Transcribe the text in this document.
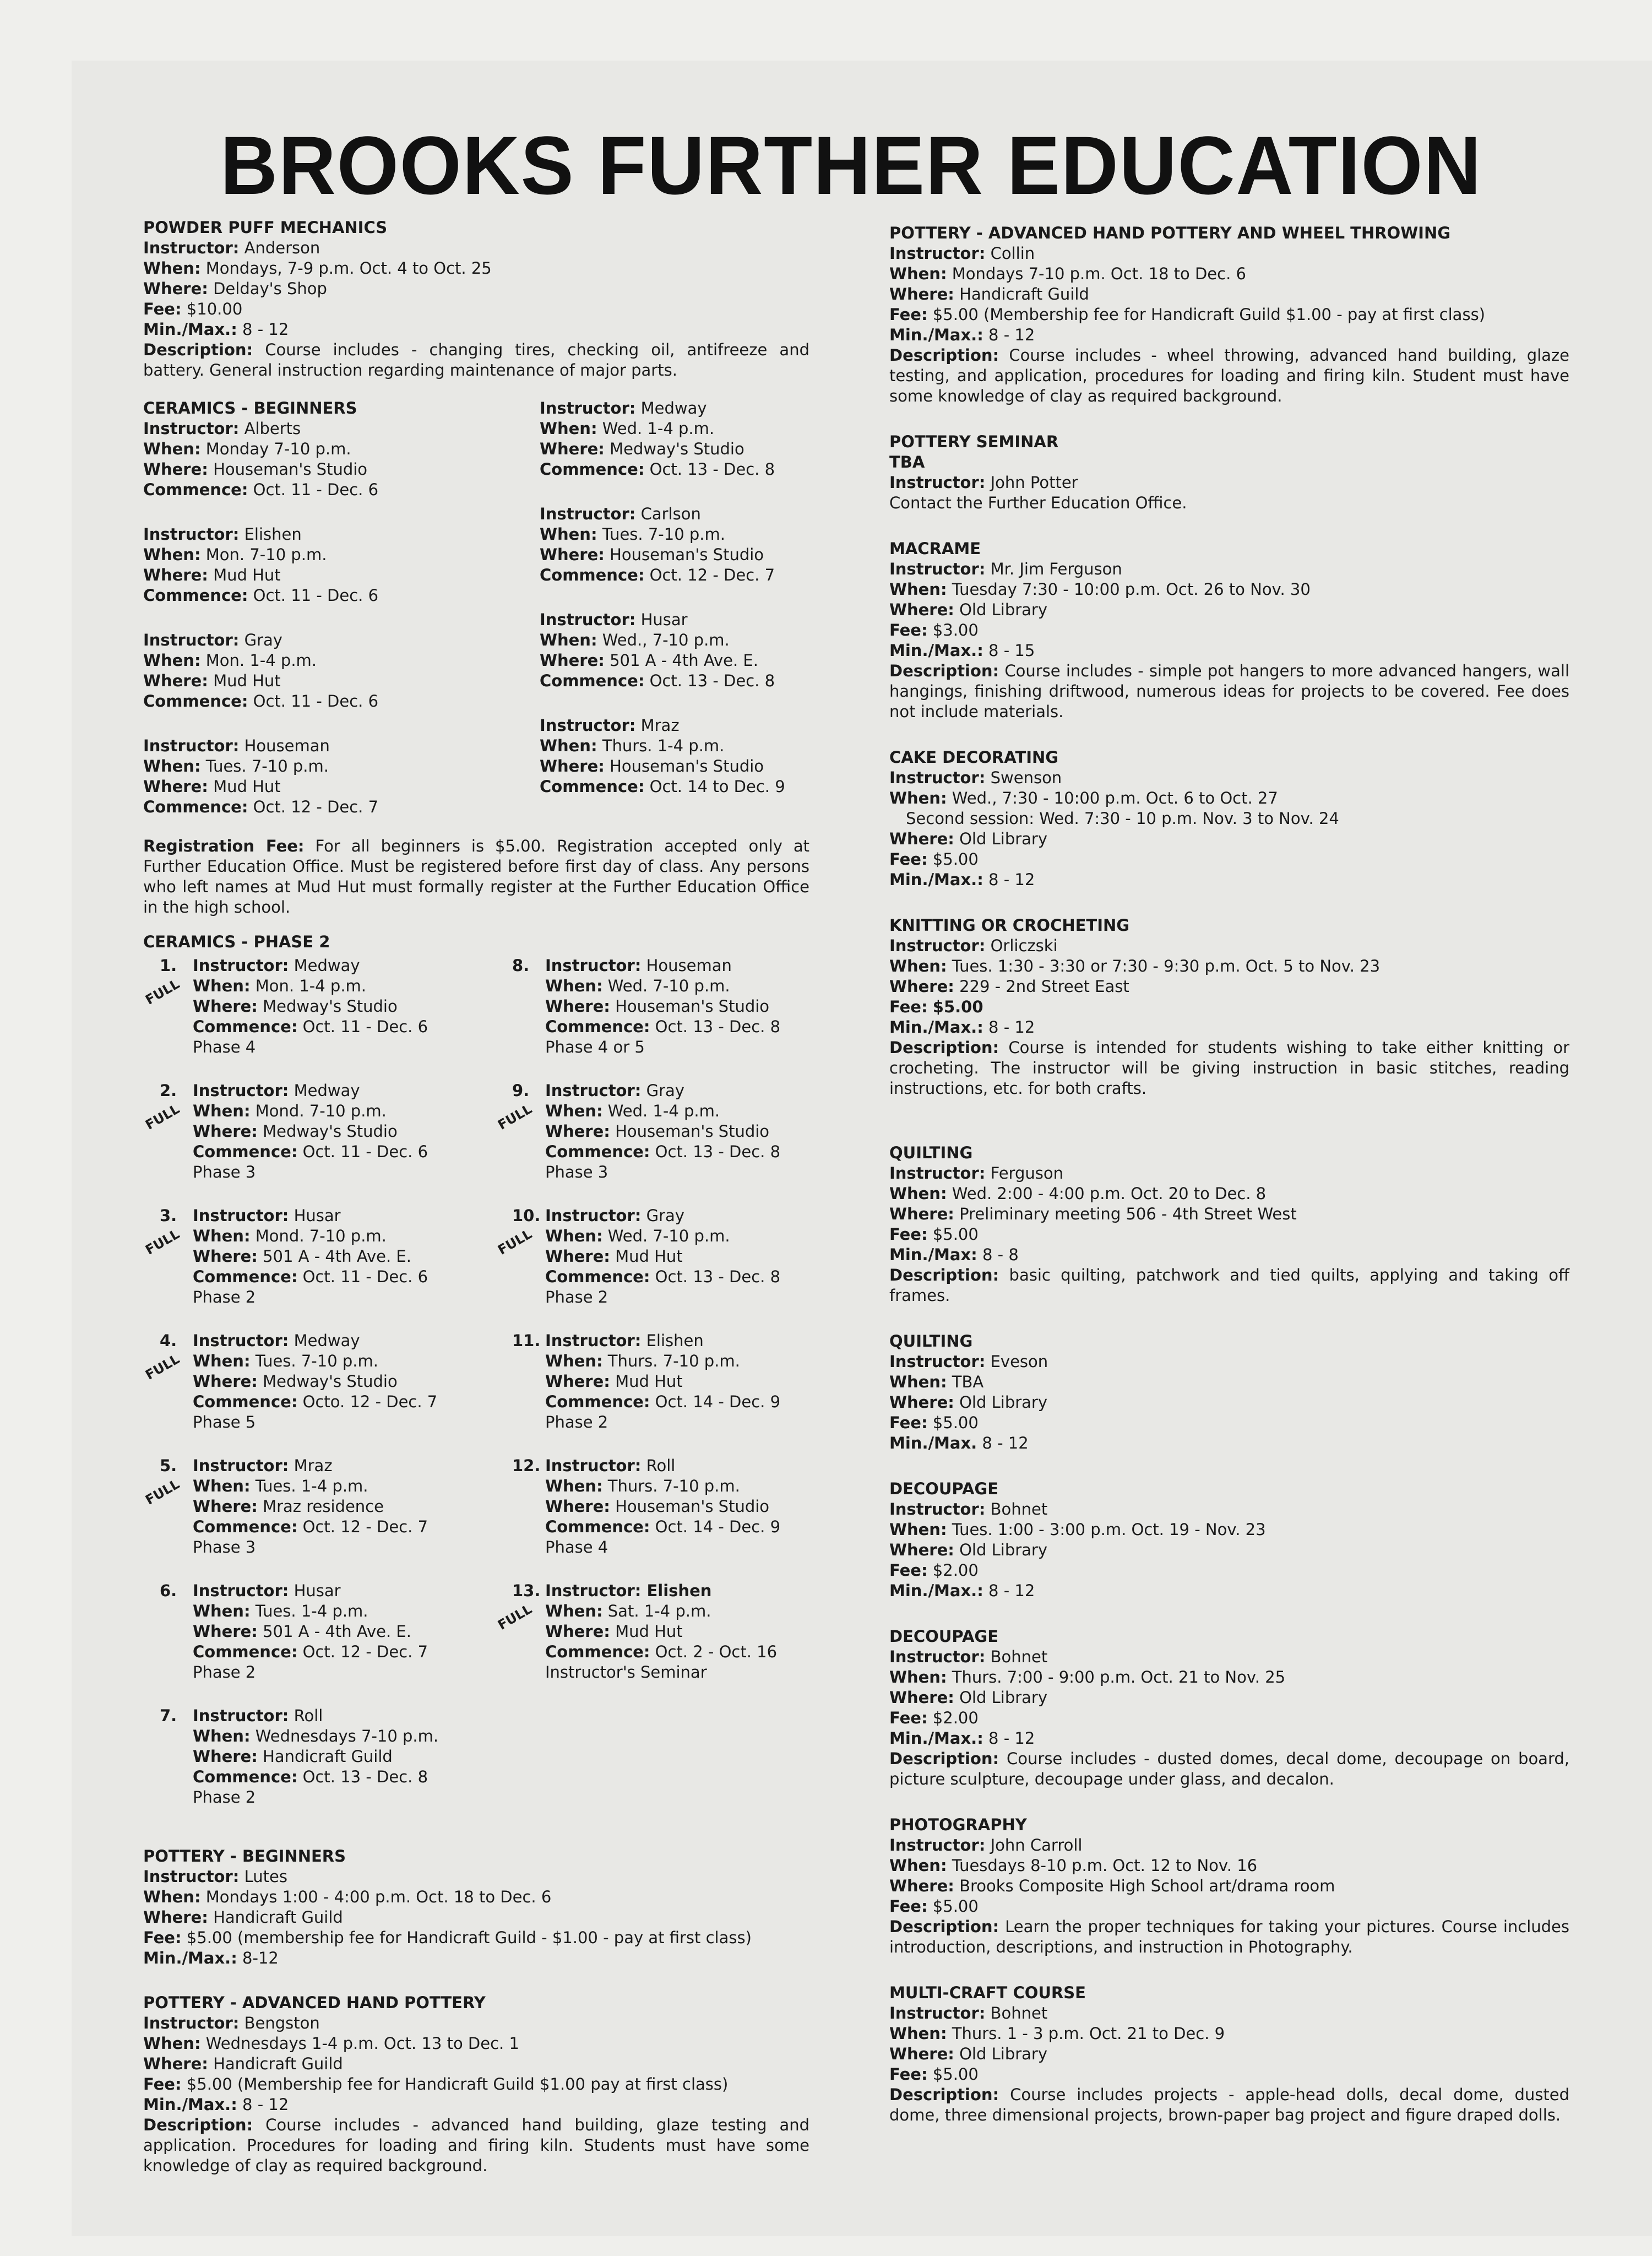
BROOKS FURTHER EDUCATION
POWDER PUFF MECHANICS
Instructor: Anderson
When: Mondays, 7-9 p.m. Oct. 4 to Oct. 25
Where: Delday's Shop
Fee: $10.00
Min./Max.: 8 - 12
Description: Course includes - changing tires, checking oil, antifreeze and battery. General instruction regarding maintenance of major parts.
CERAMICS - BEGINNERS
Instructor: Alberts
When: Monday 7-10 p.m.
Where: Houseman's Studio
Commence: Oct. 11 - Dec. 6
Instructor: Elishen
When: Mon. 7-10 p.m.
Where: Mud Hut
Commence: Oct. 11 - Dec. 6
Instructor: Gray
When: Mon. 1-4 p.m.
Where: Mud Hut
Commence: Oct. 11 - Dec. 6
Instructor: Houseman
When: Tues. 7-10 p.m.
Where: Mud Hut
Commence: Oct. 12 - Dec. 7
Instructor: Medway
When: Wed. 1-4 p.m.
Where: Medway's Studio
Commence: Oct. 13 - Dec. 8
Instructor: Carlson
When: Tues. 7-10 p.m.
Where: Houseman's Studio
Commence: Oct. 12 - Dec. 7
Instructor: Husar
When: Wed., 7-10 p.m.
Where: 501 A - 4th Ave. E.
Commence: Oct. 13 - Dec. 8
Instructor: Mraz
When: Thurs. 1-4 p.m.
Where: Houseman's Studio
Commence: Oct. 14 to Dec. 9
Registration Fee: For all beginners is $5.00. Registration accepted only at Further Education Office. Must be registered before first day of class. Any persons who left names at Mud Hut must formally register at the Further Education Office in the high school.
CERAMICS - PHASE 2
1.
FULL
Instructor: Medway
When: Mon. 1-4 p.m.
Where: Medway's Studio
Commence: Oct. 11 - Dec. 6
Phase 4
2.
FULL
Instructor: Medway
When: Mond. 7-10 p.m.
Where: Medway's Studio
Commence: Oct. 11 - Dec. 6
Phase 3
3.
FULL
Instructor: Husar
When: Mond. 7-10 p.m.
Where: 501 A - 4th Ave. E.
Commence: Oct. 11 - Dec. 6
Phase 2
4.
FULL
Instructor: Medway
When: Tues. 7-10 p.m.
Where: Medway's Studio
Commence: Octo. 12 - Dec. 7
Phase 5
5.
FULL
Instructor: Mraz
When: Tues. 1-4 p.m.
Where: Mraz residence
Commence: Oct. 12 - Dec. 7
Phase 3
6. Instructor: Husar
When: Tues. 1-4 p.m.
Where: 501 A - 4th Ave. E.
Commence: Oct. 12 - Dec. 7
Phase 2
7. Instructor: Roll
When: Wednesdays 7-10 p.m.
Where: Handicraft Guild
Commence: Oct. 13 - Dec. 8
Phase 2
8. Instructor: Houseman
When: Wed. 7-10 p.m.
Where: Houseman's Studio
Commence: Oct. 13 - Dec. 8
Phase 4 or 5
9.
FULL
Instructor: Gray
When: Wed. 1-4 p.m.
Where: Houseman's Studio
Commence: Oct. 13 - Dec. 8
Phase 3
10.
FULL
Instructor: Gray
When: Wed. 7-10 p.m.
Where: Mud Hut
Commence: Oct. 13 - Dec. 8
Phase 2
11. Instructor: Elishen
When: Thurs. 7-10 p.m.
Where: Mud Hut
Commence: Oct. 14 - Dec. 9
Phase 2
12. Instructor: Roll
When: Thurs. 7-10 p.m.
Where: Houseman's Studio
Commence: Oct. 14 - Dec. 9
Phase 4
13.
FULL
Instructor: Elishen
When: Sat. 1-4 p.m.
Where: Mud Hut
Commence: Oct. 2 - Oct. 16
Instructor's Seminar
POTTERY - BEGINNERS
Instructor: Lutes
When: Mondays 1:00 - 4:00 p.m. Oct. 18 to Dec. 6
Where: Handicraft Guild
Fee: $5.00 (membership fee for Handicraft Guild - $1.00 - pay at first class)
Min./Max.: 8-12
POTTERY - ADVANCED HAND POTTERY
Instructor: Bengston
When: Wednesdays 1-4 p.m. Oct. 13 to Dec. 1
Where: Handicraft Guild
Fee: $5.00 (Membership fee for Handicraft Guild $1.00 pay at first class)
Min./Max.: 8 - 12
Description: Course includes - advanced hand building, glaze testing and application. Procedures for loading and firing kiln. Students must have some knowledge of clay as required background.
POTTERY - ADVANCED HAND POTTERY AND WHEEL THROWING
Instructor: Collin
When: Mondays 7-10 p.m. Oct. 18 to Dec. 6
Where: Handicraft Guild
Fee: $5.00 (Membership fee for Handicraft Guild $1.00 - pay at first class)
Min./Max.: 8 - 12
Description: Course includes - wheel throwing, advanced hand building, glaze testing, and application, procedures for loading and firing kiln. Student must have some knowledge of clay as required background.
POTTERY SEMINAR
TBA
Instructor: John Potter
Contact the Further Education Office.
MACRAME
Instructor: Mr. Jim Ferguson
When: Tuesday 7:30 - 10:00 p.m. Oct. 26 to Nov. 30
Where: Old Library
Fee: $3.00
Min./Max.: 8 - 15
Description: Course includes - simple pot hangers to more advanced hangers, wall hangings, finishing driftwood, numerous ideas for projects to be covered. Fee does not include materials.
CAKE DECORATING
Instructor: Swenson
When: Wed., 7:30 - 10:00 p.m. Oct. 6 to Oct. 27
Second session: Wed. 7:30 - 10 p.m. Nov. 3 to Nov. 24
Where: Old Library
Fee: $5.00
Min./Max.: 8 - 12
KNITTING OR CROCHETING
Instructor: Orliczski
When: Tues. 1:30 - 3:30 or 7:30 - 9:30 p.m. Oct. 5 to Nov. 23
Where: 229 - 2nd Street East
Fee: $5.00
Min./Max.: 8 - 12
Description: Course is intended for students wishing to take either knitting or crocheting. The instructor will be giving instruction in basic stitches, reading instructions, etc. for both crafts.
QUILTING
Instructor: Ferguson
When: Wed. 2:00 - 4:00 p.m. Oct. 20 to Dec. 8
Where: Preliminary meeting 506 - 4th Street West
Fee: $5.00
Min./Max: 8 - 8
Description: basic quilting, patchwork and tied quilts, applying and taking off frames.
QUILTING
Instructor: Eveson
When: TBA
Where: Old Library
Fee: $5.00
Min./Max. 8 - 12
DECOUPAGE
Instructor: Bohnet
When: Tues. 1:00 - 3:00 p.m. Oct. 19 - Nov. 23
Where: Old Library
Fee: $2.00
Min./Max.: 8 - 12
DECOUPAGE
Instructor: Bohnet
When: Thurs. 7:00 - 9:00 p.m. Oct. 21 to Nov. 25
Where: Old Library
Fee: $2.00
Min./Max.: 8 - 12
Description: Course includes - dusted domes, decal dome, decoupage on board, picture sculpture, decoupage under glass, and decalon.
PHOTOGRAPHY
Instructor: John Carroll
When: Tuesdays 8-10 p.m. Oct. 12 to Nov. 16
Where: Brooks Composite High School art/drama room
Fee: $5.00
Description: Learn the proper techniques for taking your pictures. Course includes introduction, descriptions, and instruction in Photography.
MULTI-CRAFT COURSE
Instructor: Bohnet
When: Thurs. 1 - 3 p.m. Oct. 21 to Dec. 9
Where: Old Library
Fee: $5.00
Description: Course includes projects - apple-head dolls, decal dome, dusted dome, three dimensional projects, brown-paper bag project and figure draped dolls.
